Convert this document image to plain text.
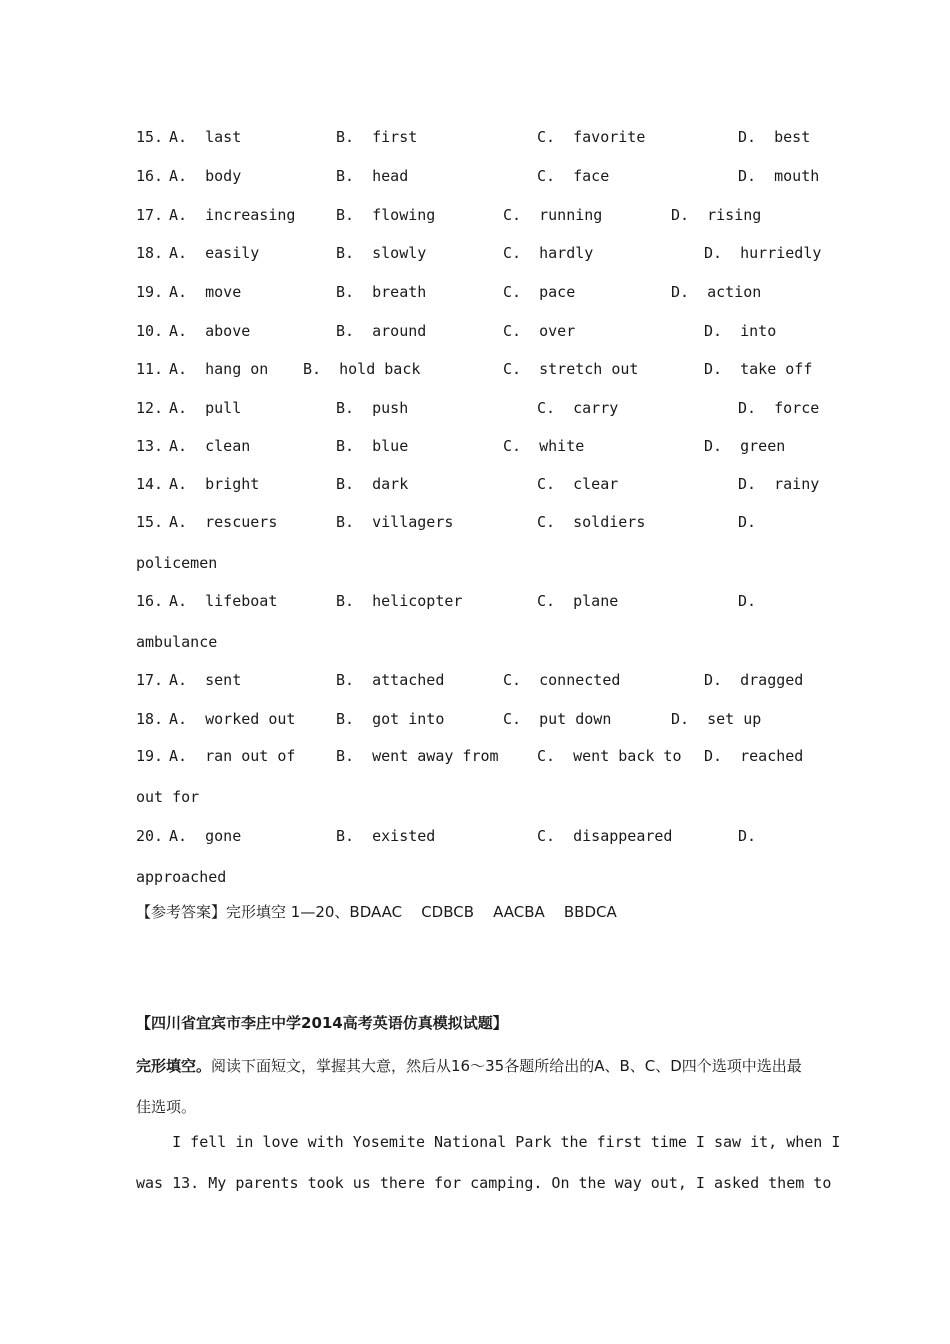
15. A.  last	B.  first	C.  favorite	D.  best
16. A.  body	B.  head	C.  face	D.  mouth
17. A.  increasing	B.  flowing	C.  running	D.  rising
18. A.  easily	B.  slowly	C.  hardly	D.  hurriedly
19. A.  move	B.  breath	C.  pace	D.  action
10. A.  above	B.  around	C.  over	D.  into
11. A.  hang on B.  hold back	C.  stretch out	D.  take off
12. A.  pull	B.  push	C.  carry	D.  force
13. A.  clean	B.  blue	C.  white	D.  green
14. A.  bright	B.  dark	C.  clear	D.  rainy
15. A.  rescuers	B.  villagers	C.  soldiers	D.
policemen
16. A.  lifeboat	B.  helicopter	C.  plane	D.
ambulance
17. A.  sent	B.  attached	C.  connected	D.  dragged
18. A.  worked out	B.  got into	C.  put down	D.  set up
19. A.  ran out of	B.  went away from	C.  went back to D.  reached
out for
20. A.  gone	B.  existed	C.  disappeared	D.
approached
【参考答案】完形填空 1—20、BDAAC    CDBCB    AACBA    BBDCA
【四川省宜宾市李庄中学2014高考英语仿真模拟试题】
完形填空。阅读下面短文，掌握其大意，然后从16～35各题所给出的A、B、C、D四个选项中选出最佳选项。
I fell in love with Yosemite National Park the first time I saw it, when I
was 13. My parents took us there for camping. On the way out, I asked them to
